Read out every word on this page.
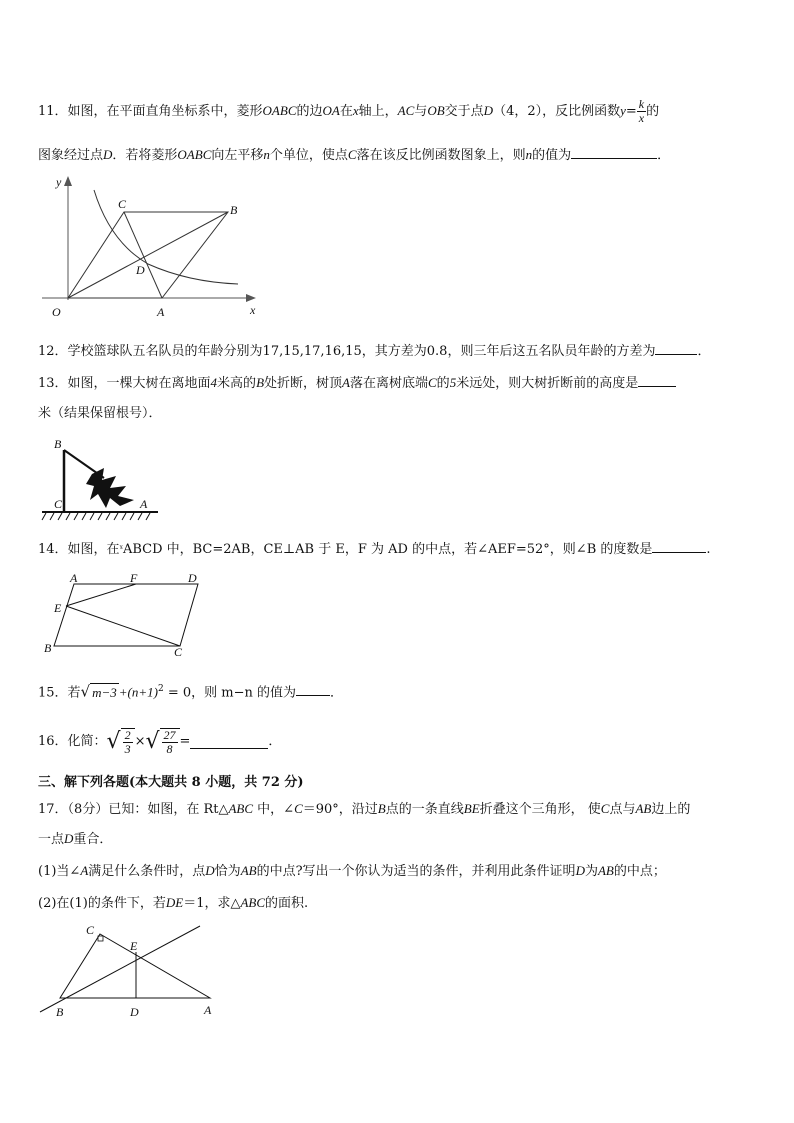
11．如图，在平面直角坐标系中，菱形OABC的边OA在x轴上，AC与OB交于点D（4，2），反比例函数$y= \frac{k}{x}$ 的
图象经过点D．若将菱形OABC向左平移n个单位，使点C落在该反比例函数图象上，则n的值为	．
y
x
O	A
B
C
D
12．学校篮球队五名队员的年龄分别为17,15,17,16,15，其方差为0.8，则三年后这五名队员年龄的方差为	．
13．如图，一棵大树在离地面4米高的B处折断，树顶A落在离树底端C的5米远处，则大树折断前的高度是
米（结果保留根号）．
B
C	A
14．如图，在$^ˠ$ABCD 中，BC=2AB，CE⊥AB 于 E，F 为 AD 的中点，若∠AEF=52°，则∠B 的度数是	.
A	F	D
E
B	C
15．若√ $m-3 +(n+1)^2 = 0$，则 m−n 的值为	．
16．化简：√ $\frac{2}{3}$ ×√ $\frac{27}{8}$ =	．
三、解下列各题(本大题共 8 小题，共 72 分)
17．（8分）已知：如图，在 Rt△ABC 中，∠C＝90°，沿过B点的一条直线BE折叠这个三角形， 使C点与AB边上的
一点D重合．
(1)当∠A满足什么条件时，点D恰为AB的中点?写出一个你认为适当的条件，并利用此条件证明D为AB的中点；
(2)在(1)的条件下，若DE＝1，求△ABC的面积.
C
E
B	D	A
